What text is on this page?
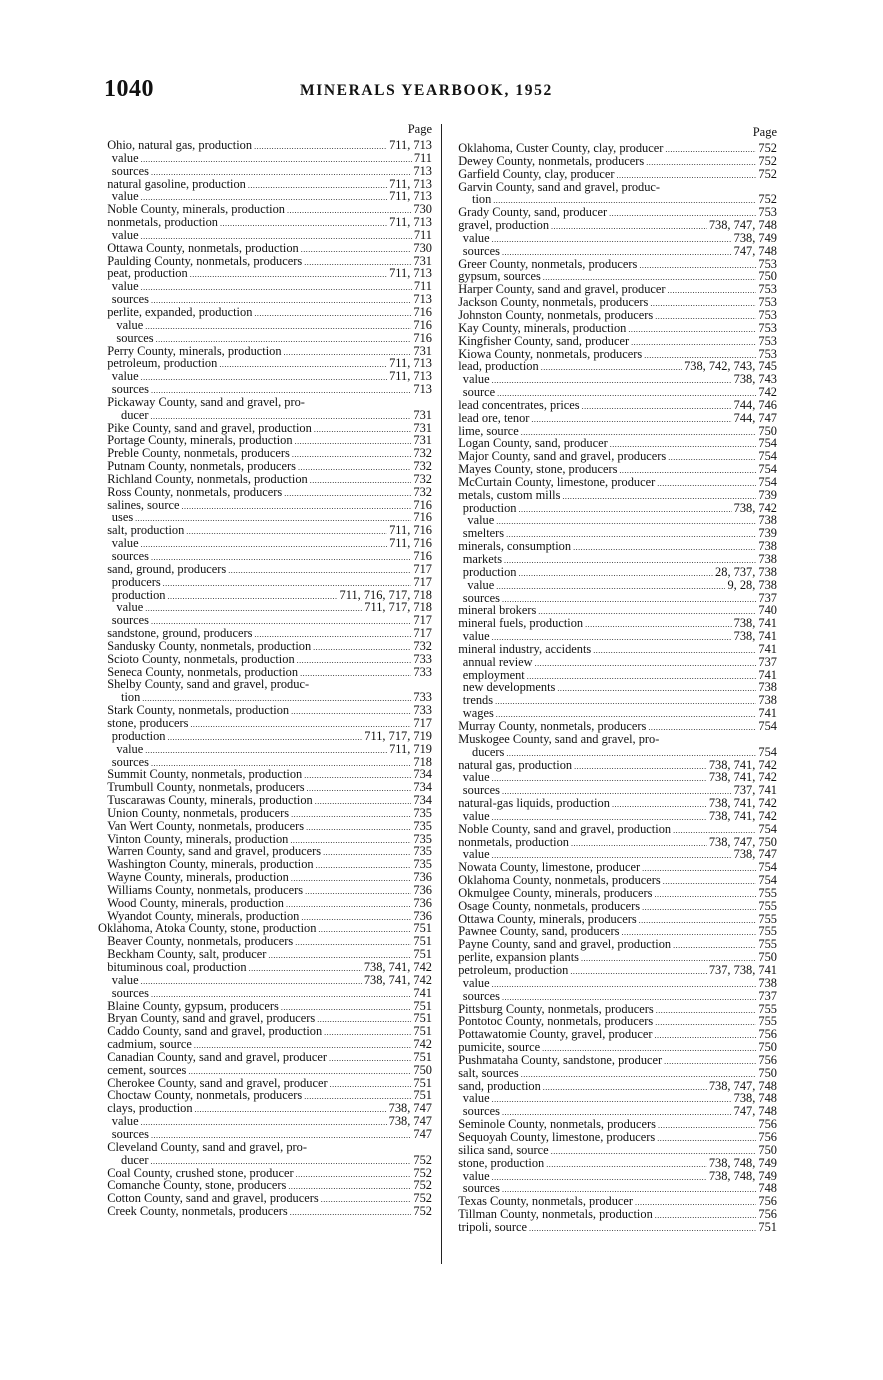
1040	MINERALS YEARBOOK, 1952
Page
Ohio, natural gas, production .....	711, 713
value .....	711
sources .....	713
natural gasoline, production .....	711, 713
value .....	711, 713
Noble County, minerals, production .....	730
nonmetals, production .....	711, 713
value .....	711
Ottawa County, nonmetals, production .....	730
Paulding County, nonmetals, producers .....	731
peat, production .....	711, 713
value .....	711
sources .....	713
perlite, expanded, production .....	716
value .....	716
sources .....	716
Perry County, minerals, production .....	731
petroleum, production .....	711, 713
value .....	711, 713
sources .....	713
Pickaway County, sand and gravel, pro-
ducer .....	731
Pike County, sand and gravel, production .....	731
Portage County, minerals, production .....	731
Preble County, nonmetals, producers .....	732
Putnam County, nonmetals, producers .....	732
Richland County, nonmetals, production .....	732
Ross County, nonmetals, producers .....	732
salines, source .....	716
uses .....	716
salt, production .....	711, 716
value .....	711, 716
sources .....	716
sand, ground, producers .....	717
producers .....	717
production .....	711, 716, 717, 718
value .....	711, 717, 718
sources .....	717
sandstone, ground, producers .....	717
Sandusky County, nonmetals, production .....	732
Scioto County, nonmetals, production .....	733
Seneca County, nonmetals, production .....	733
Shelby County, sand and gravel, produc-
tion .....	733
Stark County, nonmetals, production .....	733
stone, producers .....	717
production .....	711, 717, 719
value .....	711, 719
sources .....	718
Summit County, nonmetals, production .....	734
Trumbull County, nonmetals, producers .....	734
Tuscarawas County, minerals, production .....	734
Union County, nonmetals, producers .....	735
Van Wert County, nonmetals, producers .....	735
Vinton County, minerals, production .....	735
Warren County, sand and gravel, producers .....	735
Washington County, minerals, production .....	735
Wayne County, minerals, production .....	736
Williams County, nonmetals, producers .....	736
Wood County, minerals, production .....	736
Wyandot County, minerals, production .....	736
Oklahoma, Atoka County, stone, production .....	751
Beaver County, nonmetals, producers .....	751
Beckham County, salt, producer .....	751
bituminous coal, production .....	738, 741, 742
value .....	738, 741, 742
sources .....	741
Blaine County, gypsum, producers .....	751
Bryan County, sand and gravel, producers .....	751
Caddo County, sand and gravel, production .....	751
cadmium, source .....	742
Canadian County, sand and gravel, producer .....	751
cement, sources .....	750
Cherokee County, sand and gravel, producer .....	751
Choctaw County, nonmetals, producers .....	751
clays, production .....	738, 747
value .....	738, 747
sources .....	747
Cleveland County, sand and gravel, pro-
ducer .....	752
Coal County, crushed stone, producer .....	752
Comanche County, stone, producers .....	752
Cotton County, sand and gravel, producers .....	752
Creek County, nonmetals, producers .....	752
Page
Oklahoma, Custer County, clay, producer .....	752
Dewey County, nonmetals, producers .....	752
Garfield County, clay, producer .....	752
Garvin County, sand and gravel, produc-
tion .....	752
Grady County, sand, producer .....	753
gravel, production .....	738, 747, 748
value .....	738, 749
sources .....	747, 748
Greer County, nonmetals, producers .....	753
gypsum, sources .....	750
Harper County, sand and gravel, producer .....	753
Jackson County, nonmetals, producers .....	753
Johnston County, nonmetals, producers .....	753
Kay County, minerals, production .....	753
Kingfisher County, sand, producer .....	753
Kiowa County, nonmetals, producers .....	753
lead, production .....	738, 742, 743, 745
value .....	738, 743
source .....	742
lead concentrates, prices .....	744, 746
lead ore, tenor .....	744, 747
lime, source .....	750
Logan County, sand, producer .....	754
Major County, sand and gravel, producers .....	754
Mayes County, stone, producers .....	754
McCurtain County, limestone, producer .....	754
metals, custom mills .....	739
production .....	738, 742
value .....	738
smelters .....	739
minerals, consumption .....	738
markets .....	738
production .....	28, 737, 738
value .....	9, 28, 738
sources .....	737
mineral brokers .....	740
mineral fuels, production .....	738, 741
value .....	738, 741
mineral industry, accidents .....	741
annual review .....	737
employment .....	741
new developments .....	738
trends .....	738
wages .....	741
Murray County, nonmetals, producers .....	754
Muskogee County, sand and gravel, pro-
ducers .....	754
natural gas, production .....	738, 741, 742
value .....	738, 741, 742
sources .....	737, 741
natural-gas liquids, production .....	738, 741, 742
value .....	738, 741, 742
Noble County, sand and gravel, production .....	754
nonmetals, production .....	738, 747, 750
value .....	738, 747
Nowata County, limestone, producer .....	754
Oklahoma County, nonmetals, producers .....	754
Okmulgee County, minerals, producers .....	755
Osage County, nonmetals, producers .....	755
Ottawa County, minerals, producers .....	755
Pawnee County, sand, producers .....	755
Payne County, sand and gravel, production .....	755
perlite, expansion plants .....	750
petroleum, production .....	737, 738, 741
value .....	738
sources .....	737
Pittsburg County, nonmetals, producers .....	755
Pontotoc County, nonmetals, producers .....	755
Pottawatomie County, gravel, producer .....	756
pumicite, source .....	750
Pushmataha County, sandstone, producer .....	756
salt, sources .....	750
sand, production .....	738, 747, 748
value .....	738, 748
sources .....	747, 748
Seminole County, nonmetals, producers .....	756
Sequoyah County, limestone, producers .....	756
silica sand, source .....	750
stone, production .....	738, 748, 749
value .....	738, 748, 749
sources .....	748
Texas County, nonmetals, producer .....	756
Tillman County, nonmetals, production .....	756
tripoli, source .....	751
